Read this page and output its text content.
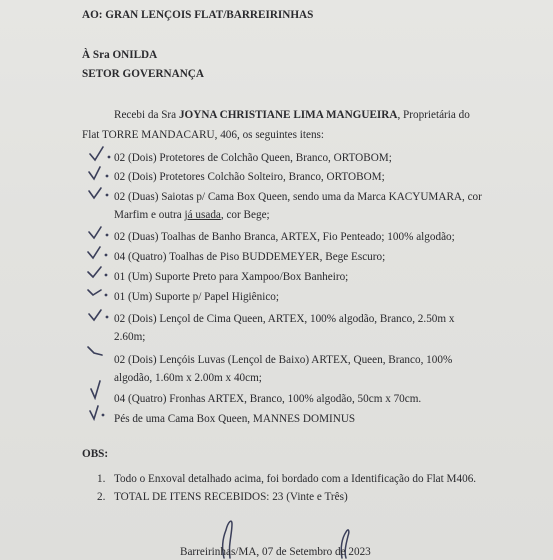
AO: GRAN LENÇOIS FLAT/BARREIRINHAS
À Sra ONILDA
SETOR GOVERNANÇA
Recebi da Sra JOYNA CHRISTIANE LIMA MANGUEIRA, Proprietária do
Flat TORRE MANDACARU, 406, os seguintes itens:
02 (Dois) Protetores de Colchão Queen, Branco, ORTOBOM;
02 (Dois) Protetores Colchão Solteiro, Branco, ORTOBOM;
02 (Duas) Saiotas p/ Cama Box Queen, sendo uma da Marca KACYUMARA, cor
Marfim e outra já usada, cor Bege;
02 (Duas) Toalhas de Banho Branca, ARTEX, Fio Penteado; 100% algodão;
04 (Quatro) Toalhas de Piso BUDDEMEYER, Bege Escuro;
01 (Um) Suporte Preto para Xampoo/Box Banheiro;
01 (Um) Suporte p/ Papel Higiênico;
02 (Dois) Lençol de Cima Queen, ARTEX, 100% algodão, Branco, 2.50m x
2.60m;
02 (Dois) Lençóis Luvas (Lençol de Baixo) ARTEX, Queen, Branco, 100%
algodão, 1.60m x 2.00m x 40cm;
04 (Quatro) Fronhas ARTEX, Branco, 100% algodão, 50cm x 70cm.
Pés de uma Cama Box Queen, MANNES DOMINUS
OBS:
1. Todo o Enxoval detalhado acima, foi bordado com a Identificação do Flat M406.
2. TOTAL DE ITENS RECEBIDOS: 23 (Vinte e Três)
Barreirinhas/MA, 07 de Setembro de 2023
